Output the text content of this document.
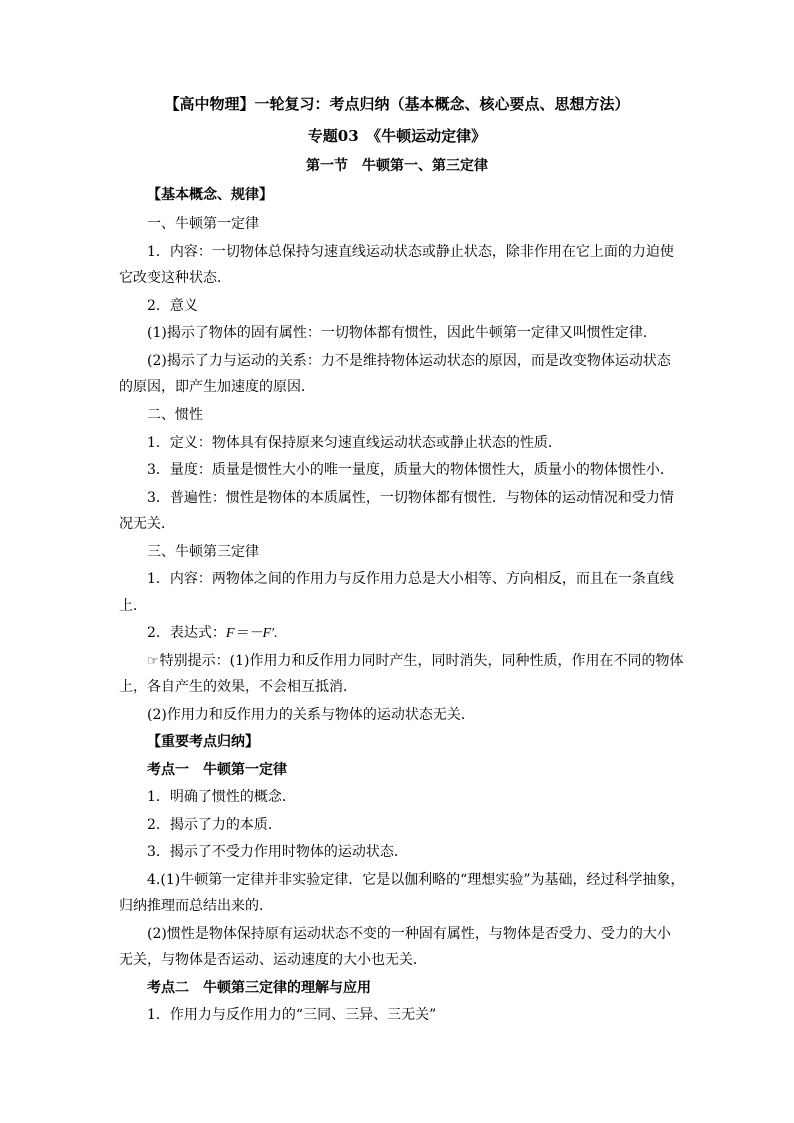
【高中物理】一轮复习：考点归纳（基本概念、核心要点、思想方法）
专题03　《牛顿运动定律》
第一节　牛顿第一、第三定律
【基本概念、规律】
一、牛顿第一定律
1．内容：一切物体总保持匀速直线运动状态或静止状态，除非作用在它上面的力迫使
它改变这种状态．
2．意义
(1)揭示了物体的固有属性：一切物体都有惯性，因此牛顿第一定律又叫惯性定律．
(2)揭示了力与运动的关系：力不是维持物体运动状态的原因，而是改变物体运动状态
的原因，即产生加速度的原因．
二、惯性
1．定义：物体具有保持原来匀速直线运动状态或静止状态的性质．
3．量度：质量是惯性大小的唯一量度，质量大的物体惯性大，质量小的物体惯性小．
3．普遍性：惯性是物体的本质属性，一切物体都有惯性．与物体的运动情况和受力情
况无关．
三、牛顿第三定律
1．内容：两物体之间的作用力与反作用力总是大小相等、方向相反，而且在一条直线
上．
2．表达式：F＝－F′.
☞特别提示：(1)作用力和反作用力同时产生，同时消失，同种性质，作用在不同的物体
上，各自产生的效果，不会相互抵消．
(2)作用力和反作用力的关系与物体的运动状态无关．
【重要考点归纳】
考点一　牛顿第一定律
1．明确了惯性的概念．
2．揭示了力的本质．
3．揭示了不受力作用时物体的运动状态．
4.(1)牛顿第一定律并非实验定律．它是以伽利略的“理想实验”为基础，经过科学抽象，
归纳推理而总结出来的．
(2)惯性是物体保持原有运动状态不变的一种固有属性，与物体是否受力、受力的大小
无关，与物体是否运动、运动速度的大小也无关．
考点二　牛顿第三定律的理解与应用
1．作用力与反作用力的“三同、三异、三无关”
